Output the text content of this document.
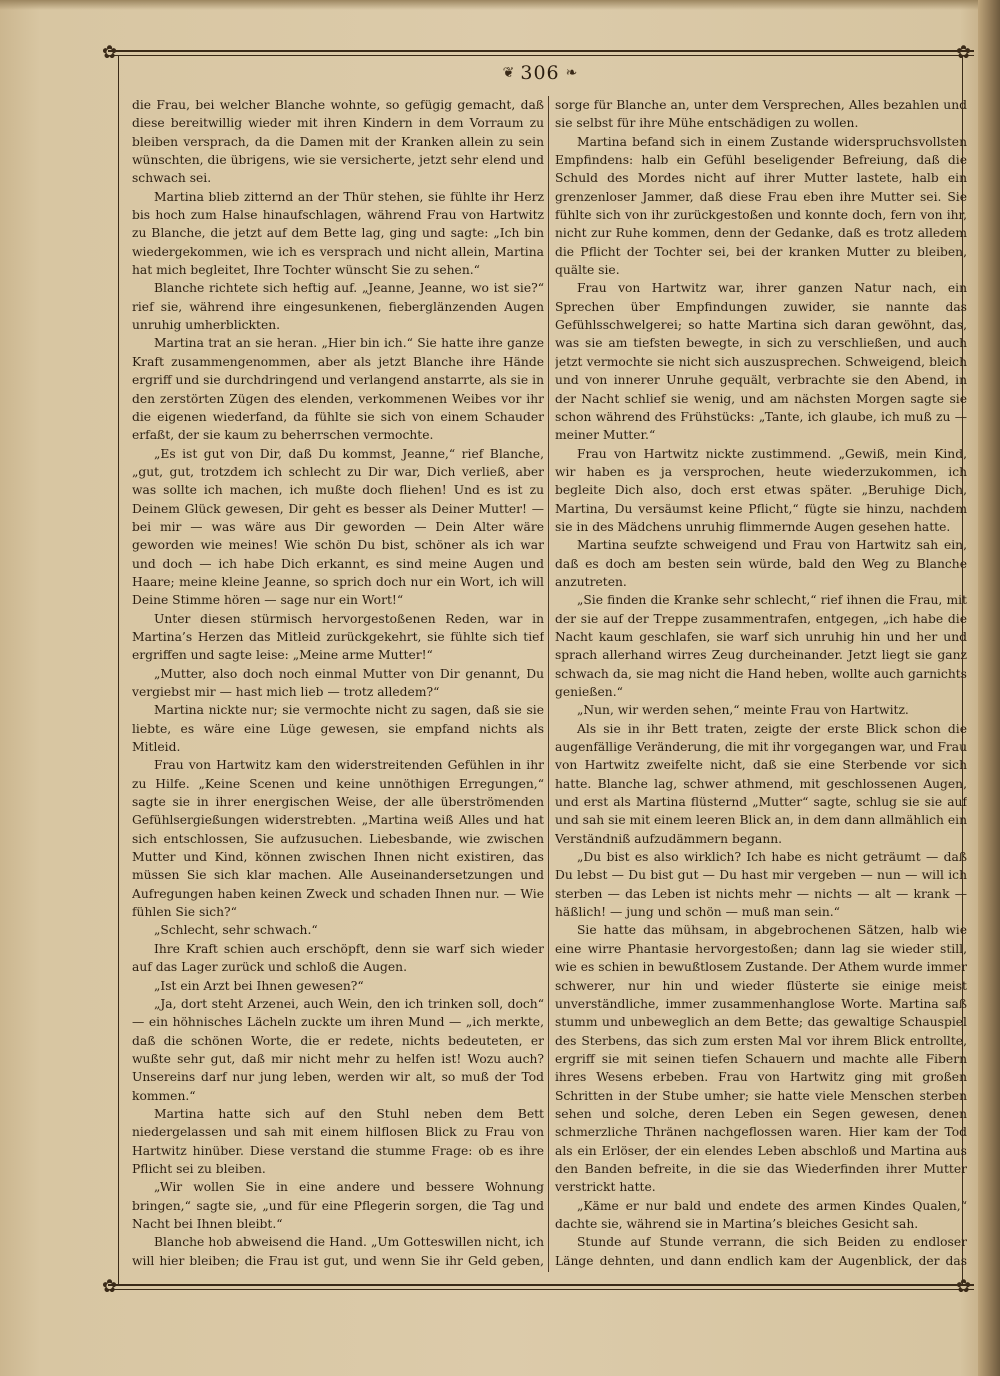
✿	✿
✿	✿
❦ 306 ❧

die Frau, bei welcher Blanche wohnte, so gefügig gemacht, daß diese bereitwillig wieder mit ihren Kindern in dem Vorraum zu bleiben versprach, da die Damen mit der Kranken allein zu sein wünschten, die übrigens, wie sie versicherte, jetzt sehr elend und schwach sei.

Martina blieb zitternd an der Thür stehen, sie fühlte ihr Herz bis hoch zum Halse hinaufschlagen, während Frau von Hartwitz zu Blanche, die jetzt auf dem Bette lag, ging und sagte: „Ich bin wiedergekommen, wie ich es versprach und nicht allein, Martina hat mich begleitet, Ihre Tochter wünscht Sie zu sehen.“

Blanche richtete sich heftig auf. „Jeanne, Jeanne, wo ist sie?“ rief sie, während ihre eingesunkenen, fieberglänzenden Augen unruhig umherblickten.

Martina trat an sie heran. „Hier bin ich.“ Sie hatte ihre ganze Kraft zusammengenommen, aber als jetzt Blanche ihre Hände ergriff und sie durchdringend und verlangend anstarrte, als sie in den zerstörten Zügen des elenden, verkommenen Weibes vor ihr die eigenen wiederfand, da fühlte sie sich von einem Schauder erfaßt, der sie kaum zu beherrschen vermochte.

„Es ist gut von Dir, daß Du kommst, Jeanne,“ rief Blanche, „gut, gut, trotzdem ich schlecht zu Dir war, Dich verließ, aber was sollte ich machen, ich mußte doch fliehen! Und es ist zu Deinem Glück gewesen, Dir geht es besser als Deiner Mutter! — bei mir — was wäre aus Dir geworden — Dein Alter wäre geworden wie meines! Wie schön Du bist, schöner als ich war und doch — ich habe Dich erkannt, es sind meine Augen und Haare; meine kleine Jeanne, so sprich doch nur ein Wort, ich will Deine Stimme hören — sage nur ein Wort!“

Unter diesen stürmisch hervorgestoßenen Reden, war in Martina’s Herzen das Mitleid zurückgekehrt, sie fühlte sich tief ergriffen und sagte leise: „Meine arme Mutter!“

„Mutter, also doch noch einmal Mutter von Dir genannt, Du vergiebst mir — hast mich lieb — trotz alledem?“

Martina nickte nur; sie vermochte nicht zu sagen, daß sie sie liebte, es wäre eine Lüge gewesen, sie empfand nichts als Mitleid.

Frau von Hartwitz kam den widerstreitenden Gefühlen in ihr zu Hilfe. „Keine Scenen und keine unnöthigen Erregungen,“ sagte sie in ihrer energischen Weise, der alle überströmenden Gefühlsergießungen widerstrebten. „Martina weiß Alles und hat sich entschlossen, Sie aufzusuchen. Liebesbande, wie zwischen Mutter und Kind, können zwischen Ihnen nicht existiren, das müssen Sie sich klar machen. Alle Auseinandersetzungen und Aufregungen haben keinen Zweck und schaden Ihnen nur. — Wie fühlen Sie sich?“

„Schlecht, sehr schwach.“

Ihre Kraft schien auch erschöpft, denn sie warf sich wieder auf das Lager zurück und schloß die Augen.

„Ist ein Arzt bei Ihnen gewesen?“

„Ja, dort steht Arzenei, auch Wein, den ich trinken soll, doch“ — ein höhnisches Lächeln zuckte um ihren Mund — „ich merkte, daß die schönen Worte, die er redete, nichts bedeuteten, er wußte sehr gut, daß mir nicht mehr zu helfen ist! Wozu auch? Unsereins darf nur jung leben, werden wir alt, so muß der Tod kommen.“

Martina hatte sich auf den Stuhl neben dem Bett niedergelassen und sah mit einem hilflosen Blick zu Frau von Hartwitz hinüber. Diese verstand die stumme Frage: ob es ihre Pflicht sei zu bleiben.

„Wir wollen Sie in eine andere und bessere Wohnung bringen,“ sagte sie, „und für eine Pflegerin sorgen, die Tag und Nacht bei Ihnen bleibt.“

Blanche hob abweisend die Hand. „Um Gotteswillen nicht, ich will hier bleiben; die Frau ist gut, und wenn Sie ihr Geld geben,

sorge für Blanche an, unter dem Versprechen, Alles bezahlen und sie selbst für ihre Mühe entschädigen zu wollen.

Martina befand sich in einem Zustande widerspruchsvollsten Empfindens: halb ein Gefühl beseligender Befreiung, daß die Schuld des Mordes nicht auf ihrer Mutter lastete, halb ein grenzenloser Jammer, daß diese Frau eben ihre Mutter sei. Sie fühlte sich von ihr zurückgestoßen und konnte doch, fern von ihr, nicht zur Ruhe kommen, denn der Gedanke, daß es trotz alledem die Pflicht der Tochter sei, bei der kranken Mutter zu bleiben, quälte sie.

Frau von Hartwitz war, ihrer ganzen Natur nach, ein Sprechen über Empfindungen zuwider, sie nannte das Gefühlsschwelgerei; so hatte Martina sich daran gewöhnt, das, was sie am tiefsten bewegte, in sich zu verschließen, und auch jetzt vermochte sie nicht sich auszusprechen. Schweigend, bleich und von innerer Unruhe gequält, verbrachte sie den Abend, in der Nacht schlief sie wenig, und am nächsten Morgen sagte sie schon während des Frühstücks: „Tante, ich glaube, ich muß zu — meiner Mutter.“

Frau von Hartwitz nickte zustimmend. „Gewiß, mein Kind, wir haben es ja versprochen, heute wiederzukommen, ich begleite Dich also, doch erst etwas später. „Beruhige Dich, Martina, Du versäumst keine Pflicht,“ fügte sie hinzu, nachdem sie in des Mädchens unruhig flimmernde Augen gesehen hatte.

Martina seufzte schweigend und Frau von Hartwitz sah ein, daß es doch am besten sein würde, bald den Weg zu Blanche anzutreten.

„Sie finden die Kranke sehr schlecht,“ rief ihnen die Frau, mit der sie auf der Treppe zusammentrafen, entgegen, „ich habe die Nacht kaum geschlafen, sie warf sich unruhig hin und her und sprach allerhand wirres Zeug durcheinander. Jetzt liegt sie ganz schwach da, sie mag nicht die Hand heben, wollte auch garnichts genießen.“

„Nun, wir werden sehen,“ meinte Frau von Hartwitz.

Als sie in ihr Bett traten, zeigte der erste Blick schon die augenfällige Veränderung, die mit ihr vorgegangen war, und Frau von Hartwitz zweifelte nicht, daß sie eine Sterbende vor sich hatte. Blanche lag, schwer athmend, mit geschlossenen Augen, und erst als Martina flüsternd „Mutter“ sagte, schlug sie sie auf und sah sie mit einem leeren Blick an, in dem dann allmählich ein Verständniß aufzudämmern begann.

„Du bist es also wirklich? Ich habe es nicht geträumt — daß Du lebst — Du bist gut — Du hast mir vergeben — nun — will ich sterben — das Leben ist nichts mehr — nichts — alt — krank — häßlich! — jung und schön — muß man sein.“

Sie hatte das mühsam, in abgebrochenen Sätzen, halb wie eine wirre Phantasie hervorgestoßen; dann lag sie wieder still, wie es schien in bewußtlosem Zustande. Der Athem wurde immer schwerer, nur hin und wieder flüsterte sie einige meist unverständliche, immer zusammenhanglose Worte. Martina saß stumm und unbeweglich an dem Bette; das gewaltige Schauspiel des Sterbens, das sich zum ersten Mal vor ihrem Blick entrollte, ergriff sie mit seinen tiefen Schauern und machte alle Fibern ihres Wesens erbeben. Frau von Hartwitz ging mit großen Schritten in der Stube umher; sie hatte viele Menschen sterben sehen und solche, deren Leben ein Segen gewesen, denen schmerzliche Thränen nachgeflossen waren. Hier kam der Tod als ein Erlöser, der ein elendes Leben abschloß und Martina aus den Banden befreite, in die sie das Wiederfinden ihrer Mutter verstrickt hatte.

„Käme er nur bald und endete des armen Kindes Qualen,“ dachte sie, während sie in Martina’s bleiches Gesicht sah.

Stunde auf Stunde verrann, die sich Beiden zu endloser Länge dehnten, und dann endlich kam der Augenblick, der das
